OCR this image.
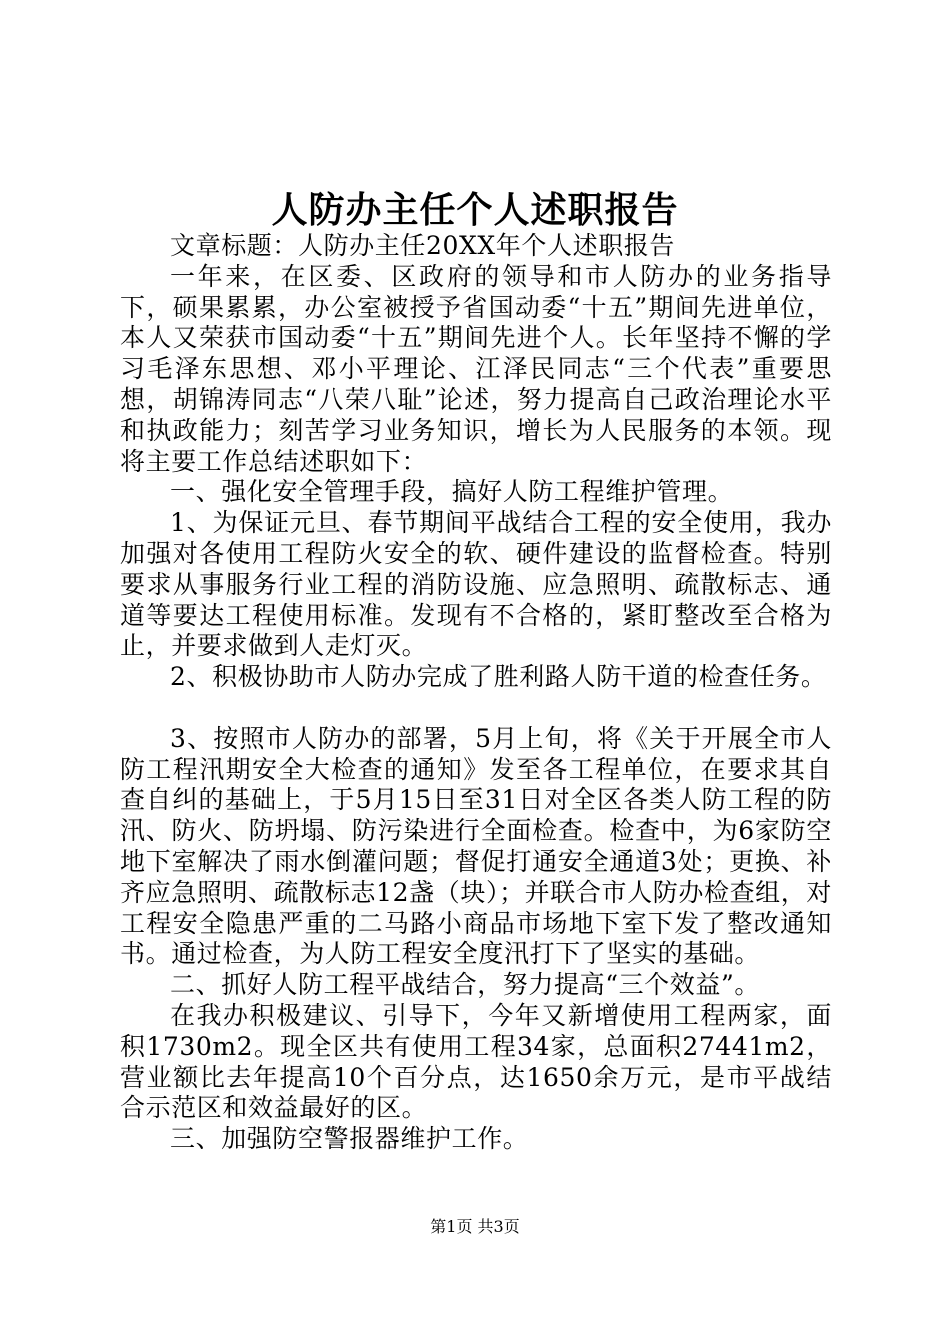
人防办主任个人述职报告

文章标题：人防办主任20XX年个人述职报告

一年来，在区委、区政府的领导和市人防办的业务指导下，硕果累累，办公室被授予省国动委“十五”期间先进单位，本人又荣获市国动委“十五”期间先进个人。长年坚持不懈的学习毛泽东思想、邓小平理论、江泽民同志“三个代表”重要思想，胡锦涛同志“八荣八耻”论述，努力提高自己政治理论水平和执政能力；刻苦学习业务知识，增长为人民服务的本领。现将主要工作总结述职如下：

一、强化安全管理手段，搞好人防工程维护管理。

1、为保证元旦、春节期间平战结合工程的安全使用，我办加强对各使用工程防火安全的软、硬件建设的监督检查。特别要求从事服务行业工程的消防设施、应急照明、疏散标志、通道等要达工程使用标准。发现有不合格的，紧盯整改至合格为止，并要求做到人走灯灭。

2、积极协助市人防办完成了胜利路人防干道的检查任务。

3、按照市人防办的部署，5月上旬，将《关于开展全市人防工程汛期安全大检查的通知》发至各工程单位，在要求其自查自纠的基础上，于5月15日至31日对全区各类人防工程的防汛、防火、防坍塌、防污染进行全面检查。检查中，为6家防空地下室解决了雨水倒灌问题；督促打通安全通道3处；更换、补齐应急照明、疏散标志12盏（块）；并联合市人防办检查组，对工程安全隐患严重的二马路小商品市场地下室下发了整改通知书。通过检查，为人防工程安全度汛打下了坚实的基础。

二、抓好人防工程平战结合，努力提高“三个效益”。

在我办积极建议、引导下，今年又新增使用工程两家，面积1730m2。现全区共有使用工程34家，总面积27441m2，营业额比去年提高10个百分点，达1650余万元，是市平战结合示范区和效益最好的区。

三、加强防空警报器维护工作。

第1页 共3页
